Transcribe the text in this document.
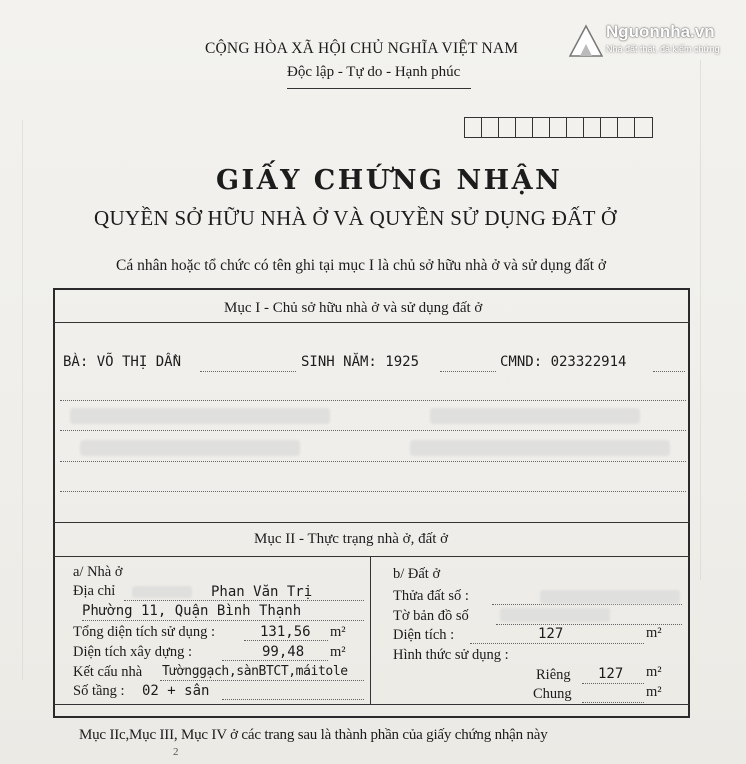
Nguonnha.vn
Nhà đất thật, đã kiểm chứng
CỘNG HÒA XÃ HỘI CHỦ NGHĨA VIỆT NAM
Độc lập - Tự do - Hạnh phúc
GIẤY CHỨNG NHẬN
QUYỀN SỞ HỮU NHÀ Ở VÀ QUYỀN SỬ DỤNG ĐẤT Ở
Cá nhân hoặc tổ chức có tên ghi tại mục I là chủ sở hữu nhà ở và sử dụng đất ở
Mục I - Chủ sở hữu nhà ở và sử dụng đất ở
BÀ: VÕ THỊ DẦN	SINH NĂM: 1925	CMND: 023322914
Mục II - Thực trạng nhà ở, đất ở
a/ Nhà ở
Địa chỉ	Phan Văn Trị
Phường 11, Quận Bình Thạnh
Tổng diện tích sử dụng :	131,56 m²
Diện tích xây dựng :	99,48 m²
Kết cấu nhà Tườnggạch,sànBTCT,máitole
Số tầng : 02 + sân
b/ Đất ở
Thửa đất số :
Tờ bản đồ số
Diện tích :	127	m²
Hình thức sử dụng :
Riêng 127 m²
Chung	m²
Mục IIc,Mục III, Mục IV ở các trang sau là thành phần của giấy chứng nhận này
2
